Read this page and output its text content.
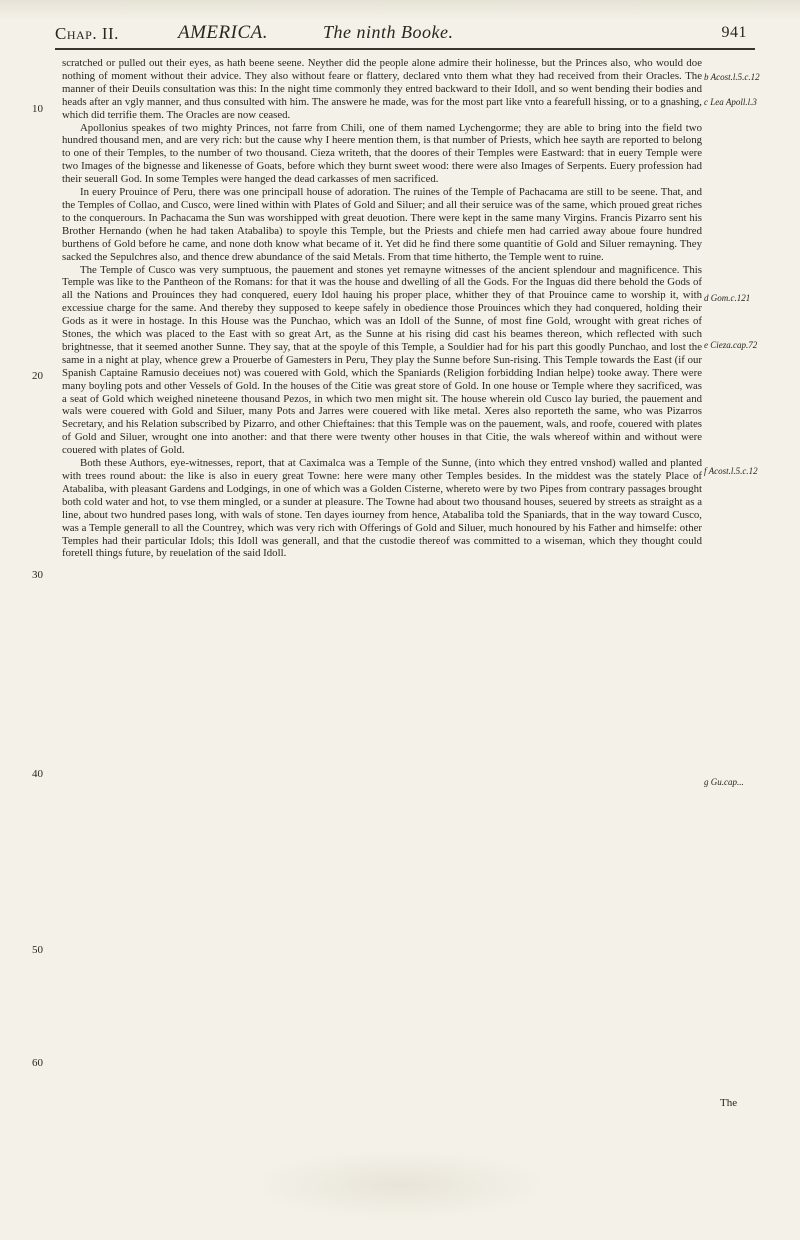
Chap. II.	AMERICA.	The ninth Booke.	941
10
20
30
40
50
60
b Acost.l.5.c.12
c Lea Apoll.l.3
d Gom.c.121
e Cieza.cap.72
f Acost.l.5.c.12
g Gu.cap...

scratched or pulled out their eyes, as hath beene seene. Neyther did the people alone admire their holinesse, but the Princes also, who would doe nothing of moment without their advice. They also without feare or flattery, declared vnto them what they had received from their Oracles. The manner of their Deuils consultation was this: In the night time commonly they entred backward to their Idoll, and so went bending their bodies and heads after an vgly manner, and thus consulted with him. The answere he made, was for the most part like vnto a fearefull hissing, or to a gnashing, which did terrifie them. The Oracles are now ceased.

Apollonius speakes of two mighty Princes, not farre from Chili, one of them named Lychengorme; they are able to bring into the field two hundred thousand men, and are very rich: but the cause why I heere mention them, is that number of Priests, which hee sayth are reported to belong to one of their Temples, to the number of two thousand. Cieza writeth, that the doores of their Temples were Eastward: that in euery Temple were two Images of the bignesse and likenesse of Goats, before which they burnt sweet wood: there were also Images of Serpents. Euery profession had their seuerall God. In some Temples were hanged the dead carkasses of men sacrificed.

In euery Prouince of Peru, there was one principall house of adoration. The ruines of the Temple of Pachacama are still to be seene. That, and the Temples of Collao, and Cusco, were lined within with Plates of Gold and Siluer; and all their seruice was of the same, which proued great riches to the conquerours. In Pachacama the Sun was worshipped with great deuotion. There were kept in the same many Virgins. Francis Pizarro sent his Brother Hernando (when he had taken Atabaliba) to spoyle this Temple, but the Priests and chiefe men had carried away aboue foure hundred burthens of Gold before he came, and none doth know what became of it. Yet did he find there some quantitie of Gold and Siluer remayning. They sacked the Sepulchres also, and thence drew abundance of the said Metals. From that time hitherto, the Temple went to ruine.

The Temple of Cusco was very sumptuous, the pauement and stones yet remayne witnesses of the ancient splendour and magnificence. This Temple was like to the Pantheon of the Romans: for that it was the house and dwelling of all the Gods. For the Inguas did there behold the Gods of all the Nations and Prouinces they had conquered, euery Idol hauing his proper place, whither they of that Prouince came to worship it, with excessiue charge for the same. And thereby they supposed to keepe safely in obedience those Prouinces which they had conquered, holding their Gods as it were in hostage. In this House was the Punchao, which was an Idoll of the Sunne, of most fine Gold, wrought with great riches of Stones, the which was placed to the East with so great Art, as the Sunne at his rising did cast his beames thereon, which reflected with such brightnesse, that it seemed another Sunne. They say, that at the spoyle of this Temple, a Souldier had for his part this goodly Punchao, and lost the same in a night at play, whence grew a Prouerbe of Gamesters in Peru, They play the Sunne before Sun-rising. This Temple towards the East (if our Spanish Captaine Ramusio deceiues not) was couered with Gold, which the Spaniards (Religion forbidding Indian helpe) tooke away. There were many boyling pots and other Vessels of Gold. In the houses of the Citie was great store of Gold. In one house or Temple where they sacrificed, was a seat of Gold which weighed nineteene thousand Pezos, in which two men might sit. The house wherein old Cusco lay buried, the pauement and wals were couered with Gold and Siluer, many Pots and Jarres were couered with like metal. Xeres also reporteth the same, who was Pizarros Secretary, and his Relation subscribed by Pizarro, and other Chieftaines: that this Temple was on the pauement, wals, and roofe, couered with plates of Gold and Siluer, wrought one into another: and that there were twenty other houses in that Citie, the wals whereof within and without were couered with plates of Gold.

Both these Authors, eye-witnesses, report, that at Caximalca was a Temple of the Sunne, (into which they entred vnshod) walled and planted with trees round about: the like is also in euery great Towne: here were many other Temples besides. In the middest was the stately Place of Atabaliba, with pleasant Gardens and Lodgings, in one of which was a Golden Cisterne, whereto were by two Pipes from contrary passages brought both cold water and hot, to vse them mingled, or a sunder at pleasure. The Towne had about two thousand houses, seuered by streets as straight as a line, about two hundred pases long, with wals of stone. Ten dayes iourney from hence, Atabaliba told the Spaniards, that in the way toward Cusco, was a Temple generall to all the Countrey, which was very rich with Offerings of Gold and Siluer, much honoured by his Father and himselfe: other Temples had their particular Idols; this Idoll was generall, and that the custodie thereof was committed to a wiseman, which they thought could foretell things future, by reuelation of the said Idoll.

The
